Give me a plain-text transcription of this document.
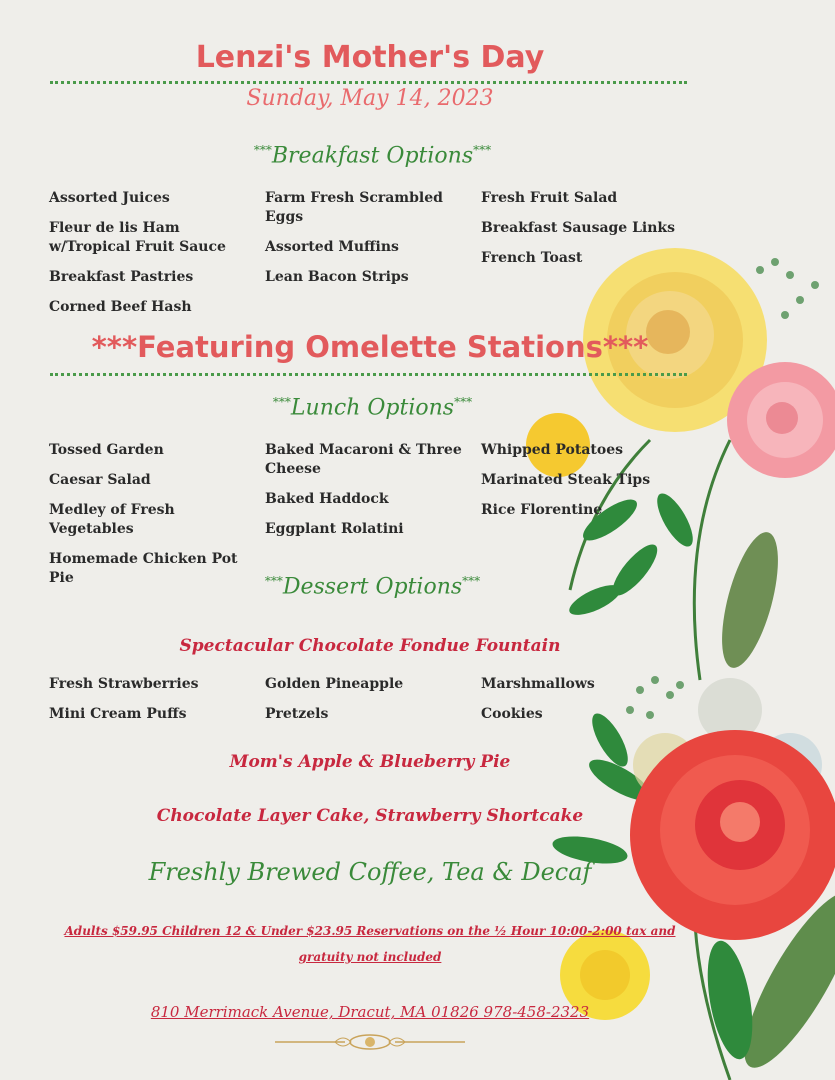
Lenzi's Mother's Day
Sunday, May 14, 2023
***Breakfast Options***
Assorted Juices
Fleur de lis Ham w/Tropical Fruit Sauce
Breakfast Pastries
Corned Beef Hash
Farm Fresh Scrambled Eggs
Assorted Muffins
Lean Bacon Strips
Fresh Fruit Salad
Breakfast Sausage Links
French Toast
***Featuring Omelette Stations***
***Lunch Options***
Tossed Garden
Caesar Salad
Medley of Fresh Vegetables
Homemade Chicken Pot Pie
Baked Macaroni & Three Cheese
Baked Haddock
Eggplant Rolatini
Whipped Potatoes
Marinated Steak Tips
Rice Florentine
***Dessert Options***
Spectacular Chocolate Fondue Fountain
Fresh Strawberries
Mini Cream Puffs
Golden Pineapple
Pretzels
Marshmallows
Cookies
Mom's Apple & Blueberry Pie
Chocolate Layer Cake, Strawberry Shortcake
Freshly Brewed Coffee, Tea & Decaf
Adults $59.95 Children 12 & Under $23.95 Reservations on the ½ Hour 10:00-2:00 tax and
gratuity not included
810 Merrimack Avenue, Dracut, MA 01826 978-458-2323
